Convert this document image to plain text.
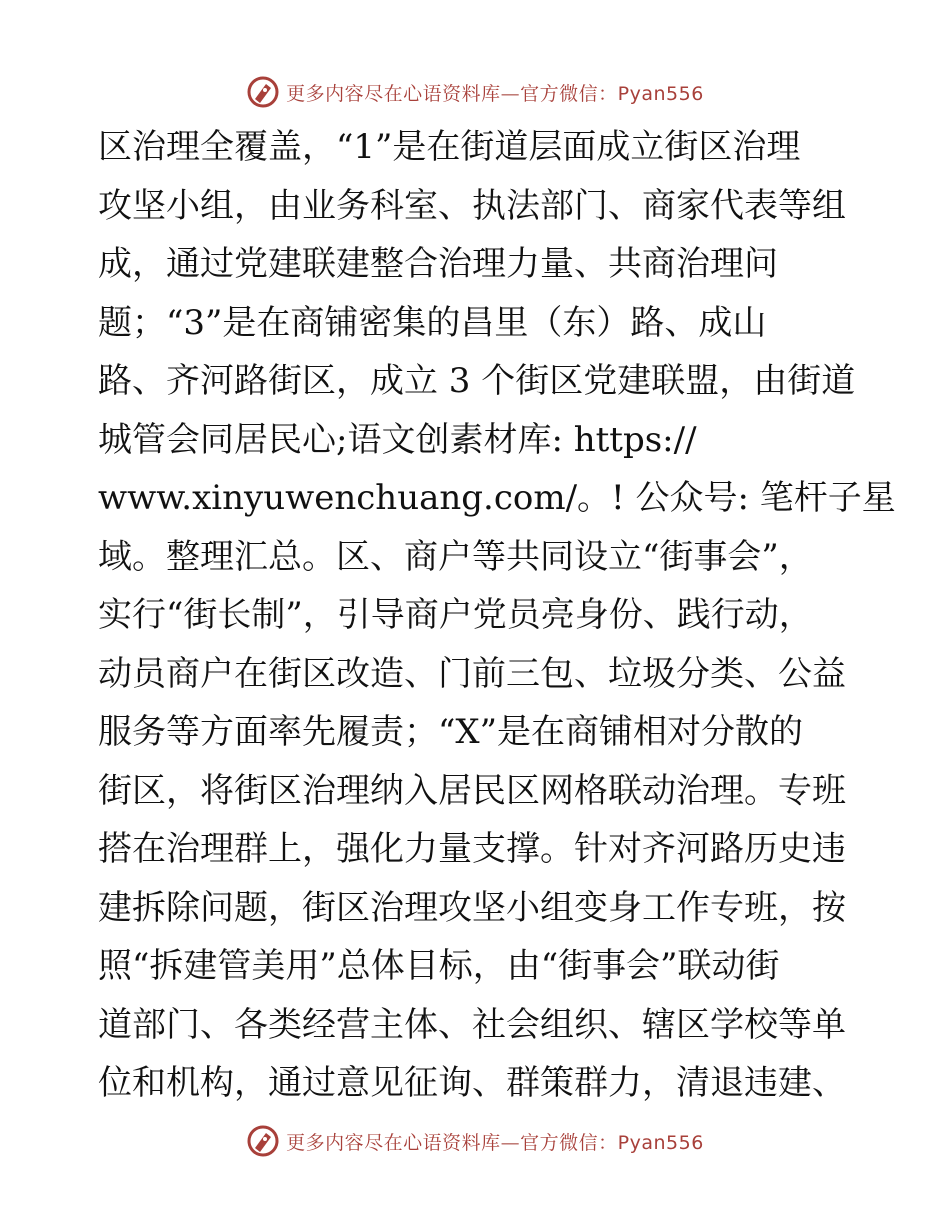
更多内容尽在心语资料库—官方微信：Pyan556
区治理全覆盖，“1”是在街道层面成立街区治理
攻坚小组，由业务科室、执法部门、商家代表等组
成，通过党建联建整合治理力量、共商治理问
题；“3”是在商铺密集的昌里（东）路、成山
路、齐河路街区，成立 3 个街区党建联盟，由街道
城管会同居民心;语文创素材库: https://
www.xinyuwenchuang.com/。! 公众号: 笔杆子星
域。整理汇总。区、商户等共同设立“街事会”，
实行“街长制”，引导商户党员亮身份、践行动，
动员商户在街区改造、门前三包、垃圾分类、公益
服务等方面率先履责；“X”是在商铺相对分散的
街区，将街区治理纳入居民区网格联动治理。专班
搭在治理群上，强化力量支撑。针对齐河路历史违
建拆除问题，街区治理攻坚小组变身工作专班，按
照“拆建管美用”总体目标，由“街事会”联动街
道部门、各类经营主体、社会组织、辖区学校等单
位和机构，通过意见征询、群策群力，清退违建、
更多内容尽在心语资料库—官方微信：Pyan556
